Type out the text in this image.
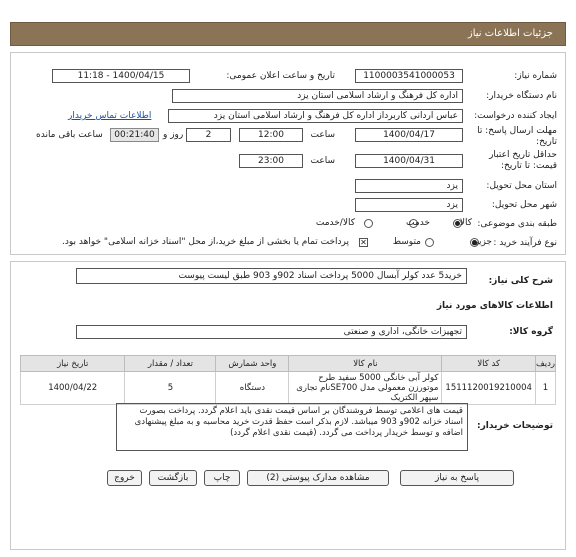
جزئیات اطلاعات نیاز
شماره نیاز:
1100003541000053
تاریخ و ساعت اعلان عمومی:
1400/04/15 - 11:18
نام دستگاه خریدار:
اداره کل فرهنگ و ارشاد اسلامی استان یزد
ایجاد کننده درخواست:
عباس اردانی کاربرداز اداره کل فرهنگ و ارشاد اسلامی استان یزد
اطلاعات تماس خریدار
مهلت ارسال پاسخ: تا تاریخ:
1400/04/17
ساعت
12:00
2
روز و
00:21:40
ساعت باقی مانده
حداقل تاریخ اعتبار قیمت: تا تاریخ:
1400/04/31
ساعت
23:00
استان محل تحویل:
یزد
شهر محل تحویل:
یزد
طبقه بندی موضوعی:
کالا
خدمت
کالا/خدمت
نوع فرآیند خرید :
جزیی
متوسط
✕
پرداخت تمام یا بخشی از مبلغ خرید،از محل "اسناد خزانه اسلامی" خواهد بود.
شرح کلی نیاز:
خرید5 عدد کولر آبسال 5000 پرداخت اسناد 902و 903 طبق لیست پیوست
اطلاعات کالاهای مورد نیاز
گروه کالا:
تجهیزات خانگی، اداری و صنعتی
ردیف	کد کالا	نام کالا	واحد شمارش	تعداد / مقدار	تاریخ نیاز
1	1511120019210004	کولر آبی خانگی 5000 سفید طرح موتورزن معمولی مدل SE700نام تجاری سپهر الکتریک	دستگاه	5	1400/04/22
توضیحات خریدار:
قیمت های اعلامی توسط فروشندگان بر اساس قیمت نقدی باید اعلام گردد. پرداخت بصورت اسناد خزانه 902و 903 میباشد. لازم بذکر است حفظ قدرت خرید محاسبه و به مبلغ پیشنهادی اضافه و توسط خریدار پرداخت می گردد. (قیمت نقدی اعلام گردد)
پاسخ به نیاز
مشاهده مدارک پیوستی (2)
چاپ
بازگشت
خروج
